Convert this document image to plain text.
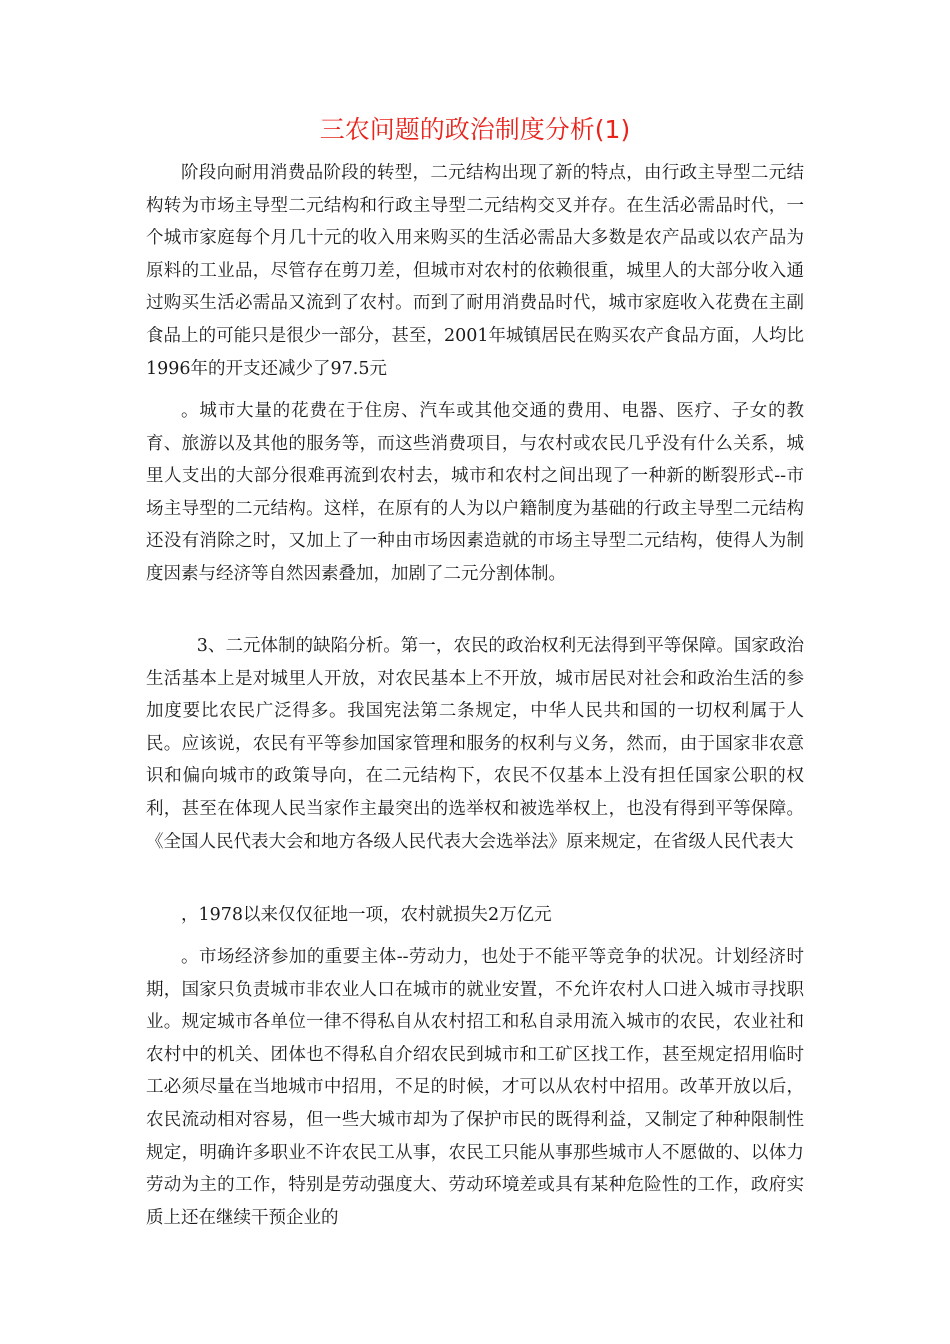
三农问题的政治制度分析(1)

阶段向耐用消费品阶段的转型，二元结构出现了新的特点，由行政主导型二元结构转为市场主导型二元结构和行政主导型二元结构交叉并存。在生活必需品时代，一个城市家庭每个月几十元的收入用来购买的生活必需品大多数是农产品或以农产品为原料的工业品，尽管存在剪刀差，但城市对农村的依赖很重，城里人的大部分收入通过购买生活必需品又流到了农村。而到了耐用消费品时代，城市家庭收入花费在主副食品上的可能只是很少一部分，甚至，2001年城镇居民在购买农产食品方面，人均比1996年的开支还减少了97.5元

。城市大量的花费在于住房、汽车或其他交通的费用、电器、医疗、子女的教育、旅游以及其他的服务等，而这些消费项目，与农村或农民几乎没有什么关系，城里人支出的大部分很难再流到农村去，城市和农村之间出现了一种新的断裂形式--市场主导型的二元结构。这样，在原有的人为以户籍制度为基础的行政主导型二元结构还没有消除之时，又加上了一种由市场因素造就的市场主导型二元结构，使得人为制度因素与经济等自然因素叠加，加剧了二元分割体制。

3、二元体制的缺陷分析。第一，农民的政治权利无法得到平等保障。国家政治生活基本上是对城里人开放，对农民基本上不开放，城市居民对社会和政治生活的参加度要比农民广泛得多。我国宪法第二条规定，中华人民共和国的一切权利属于人民。应该说，农民有平等参加国家管理和服务的权利与义务，然而，由于国家非农意识和偏向城市的政策导向，在二元结构下，农民不仅基本上没有担任国家公职的权利，甚至在体现人民当家作主最突出的选举权和被选举权上，也没有得到平等保障。《全国人民代表大会和地方各级人民代表大会选举法》原来规定，在省级人民代表大

，1978以来仅仅征地一项，农村就损失2万亿元

。市场经济参加的重要主体--劳动力，也处于不能平等竞争的状况。计划经济时期，国家只负责城市非农业人口在城市的就业安置，不允许农村人口进入城市寻找职业。规定城市各单位一律不得私自从农村招工和私自录用流入城市的农民，农业社和农村中的机关、团体也不得私自介绍农民到城市和工矿区找工作，甚至规定招用临时工必须尽量在当地城市中招用，不足的时候，才可以从农村中招用。改革开放以后，农民流动相对容易，但一些大城市却为了保护市民的既得利益，又制定了种种限制性规定，明确许多职业不许农民工从事，农民工只能从事那些城市人不愿做的、以体力劳动为主的工作，特别是劳动强度大、劳动环境差或具有某种危险性的工作，政府实质上还在继续干预企业的
